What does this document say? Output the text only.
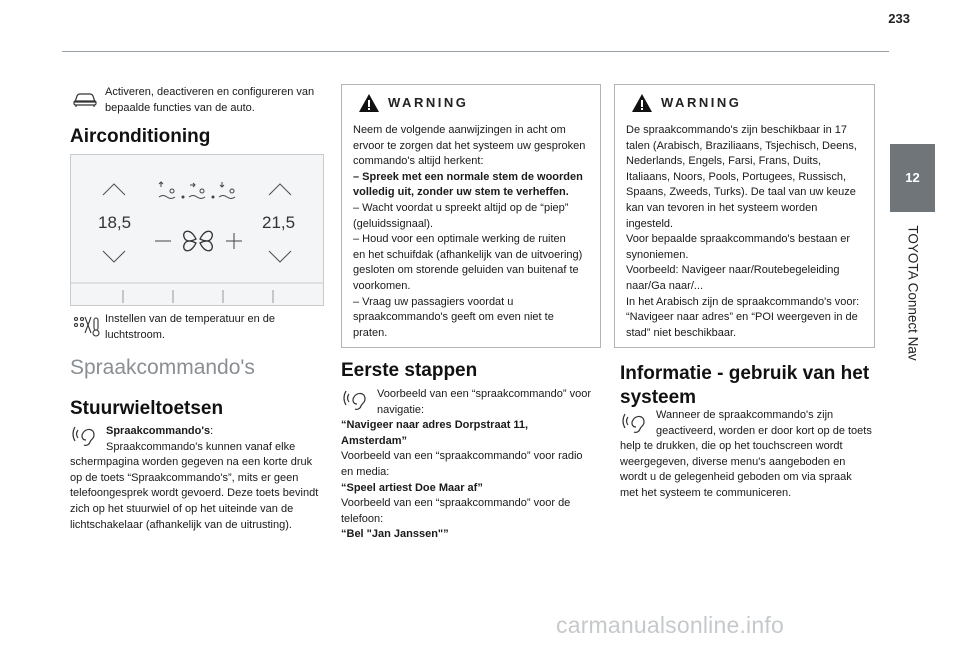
233
12
TOYOTA Connect Nav
Activeren, deactiveren en configureren van
bepaalde functies van de auto.
Airconditioning
18,5	21,5
Instellen van de temperatuur en de
luchtstroom.
Spraakcommando's
Stuurwieltoetsen
Spraakcommando's:
Spraakcommando's kunnen vanaf elke
schermpagina worden gegeven na een korte druk
op de toets “Spraakcommando's”, mits er geen
telefoongesprek wordt gevoerd. Deze toets bevindt
zich op het stuurwiel of op het uiteinde van de
lichtschakelaar (afhankelijk van de uitrusting).
WARNING
Neem de volgende aanwijzingen in acht om
ervoor te zorgen dat het systeem uw gesproken
commando's altijd herkent:
– Spreek met een normale stem de woorden
volledig uit, zonder uw stem te verheffen.
– Wacht voordat u spreekt altijd op de “piep”
(geluidssignaal).
– Houd voor een optimale werking de ruiten
en het schuifdak (afhankelijk van de uitvoering)
gesloten om storende geluiden van buitenaf te
voorkomen.
– Vraag uw passagiers voordat u
spraakcommando's geeft om even niet te
praten.
Eerste stappen
Voorbeeld van een “spraakcommando” voor
navigatie:
“Navigeer naar adres Dorpstraat 11,
Amsterdam”
Voorbeeld van een “spraakcommando” voor radio
en media:
“Speel artiest Doe Maar af”
Voorbeeld van een “spraakcommando” voor de
telefoon:
“Bel "Jan Janssen"”
WARNING
De spraakcommando's zijn beschikbaar in 17
talen (Arabisch, Braziliaans, Tsjechisch, Deens,
Nederlands, Engels, Farsi, Frans, Duits,
Italiaans, Noors, Pools, Portugees, Russisch,
Spaans, Zweeds, Turks). De taal van uw keuze
kan van tevoren in het systeem worden
ingesteld.
Voor bepaalde spraakcommando's bestaan er
synoniemen.
Voorbeeld: Navigeer naar/Routebegeleiding
naar/Ga naar/...
In het Arabisch zijn de spraakcommando's voor:
“Navigeer naar adres” en “POI weergeven in de
stad” niet beschikbaar.
Informatie - gebruik van het
systeem
Wanneer de spraakcommando's zijn
geactiveerd, worden er door kort op de toets
help te drukken, die op het touchscreen wordt
weergegeven, diverse menu's aangeboden en
wordt u de gelegenheid geboden om via spraak
met het systeem te communiceren.
carmanualsonline.info
